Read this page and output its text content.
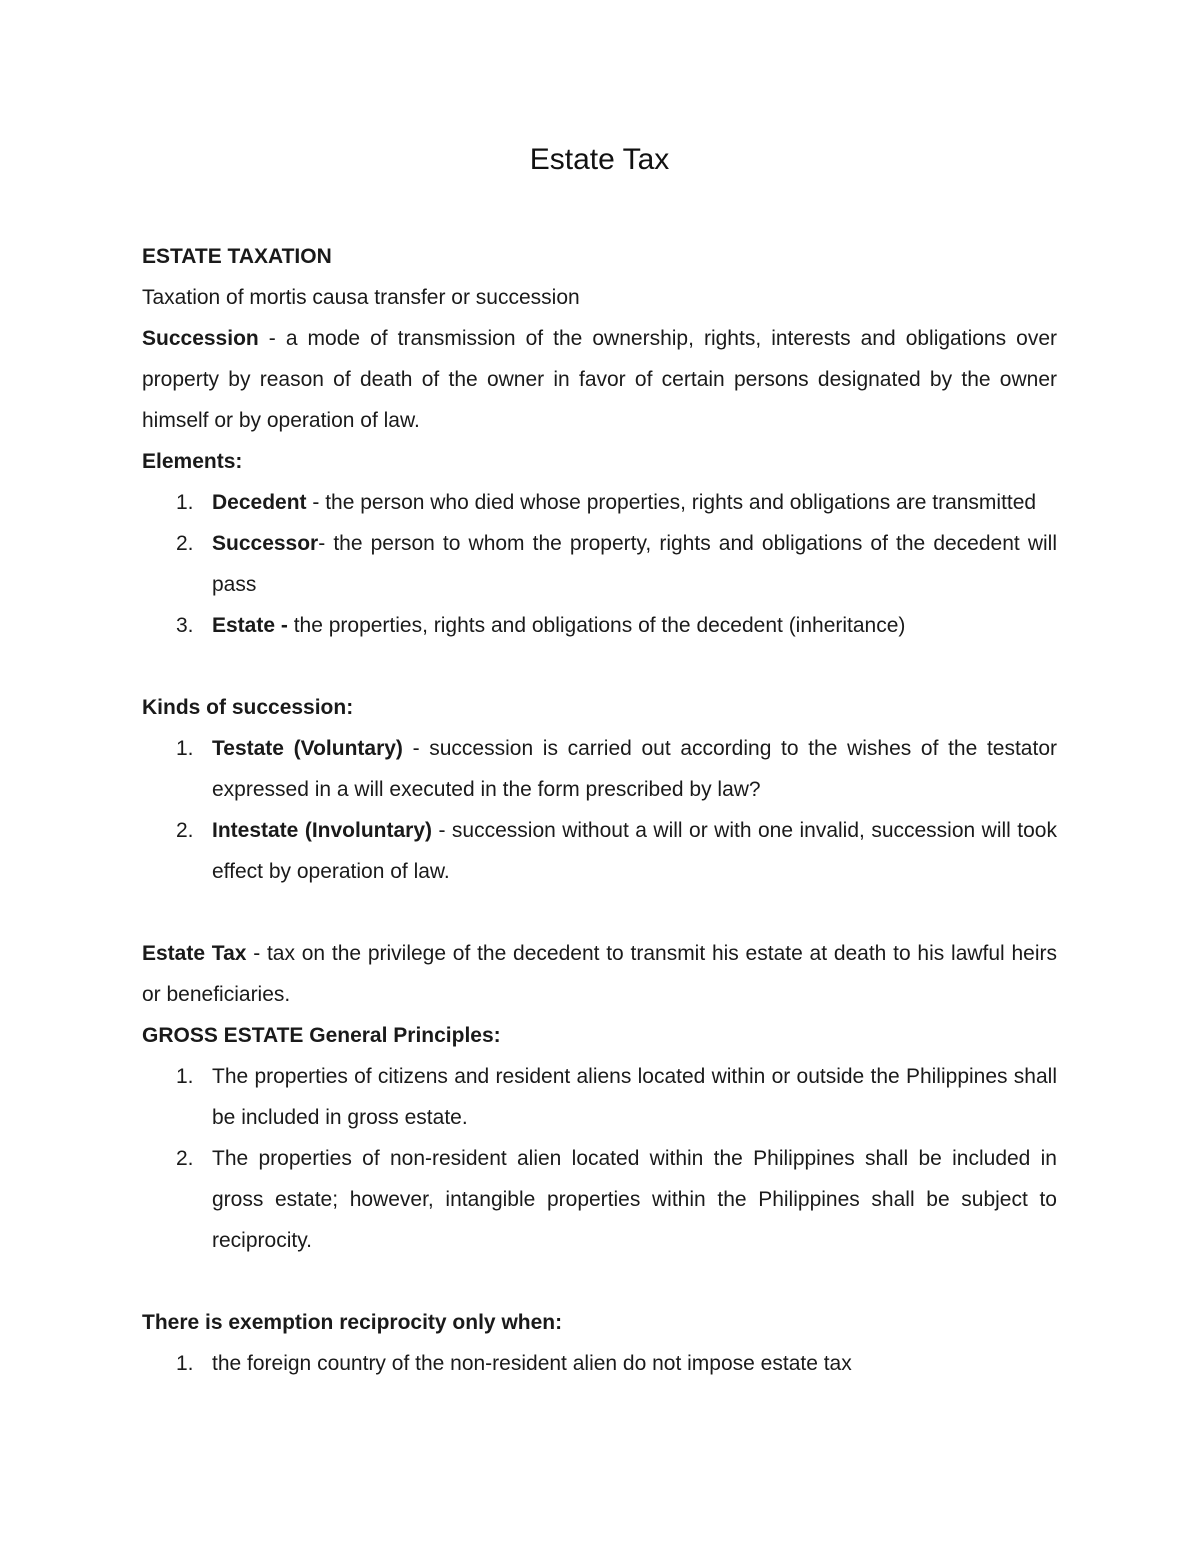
Estate Tax

ESTATE TAXATION

Taxation of mortis causa transfer or succession

Succession - a mode of transmission of the ownership, rights, interests and obligations over property by reason of death of the owner in favor of certain persons designated by the owner himself or by operation of law.

Elements:

1. Decedent - the person who died whose properties, rights and obligations are transmitted
2. Successor- the person to whom the property, rights and obligations of the decedent will pass
3. Estate - the properties, rights and obligations of the decedent (inheritance)

Kinds of succession:

1. Testate (Voluntary) - succession is carried out according to the wishes of the testator expressed in a will executed in the form prescribed by law?
2. Intestate (Involuntary) - succession without a will or with one invalid, succession will took effect by operation of law.

Estate Tax - tax on the privilege of the decedent to transmit his estate at death to his lawful heirs or beneficiaries.

GROSS ESTATE General Principles:

1. The properties of citizens and resident aliens located within or outside the Philippines shall be included in gross estate.
2. The properties of non-resident alien located within the Philippines shall be included in gross estate; however, intangible properties within the Philippines shall be subject to reciprocity.

There is exemption reciprocity only when:

1. the foreign country of the non-resident alien do not impose estate tax
